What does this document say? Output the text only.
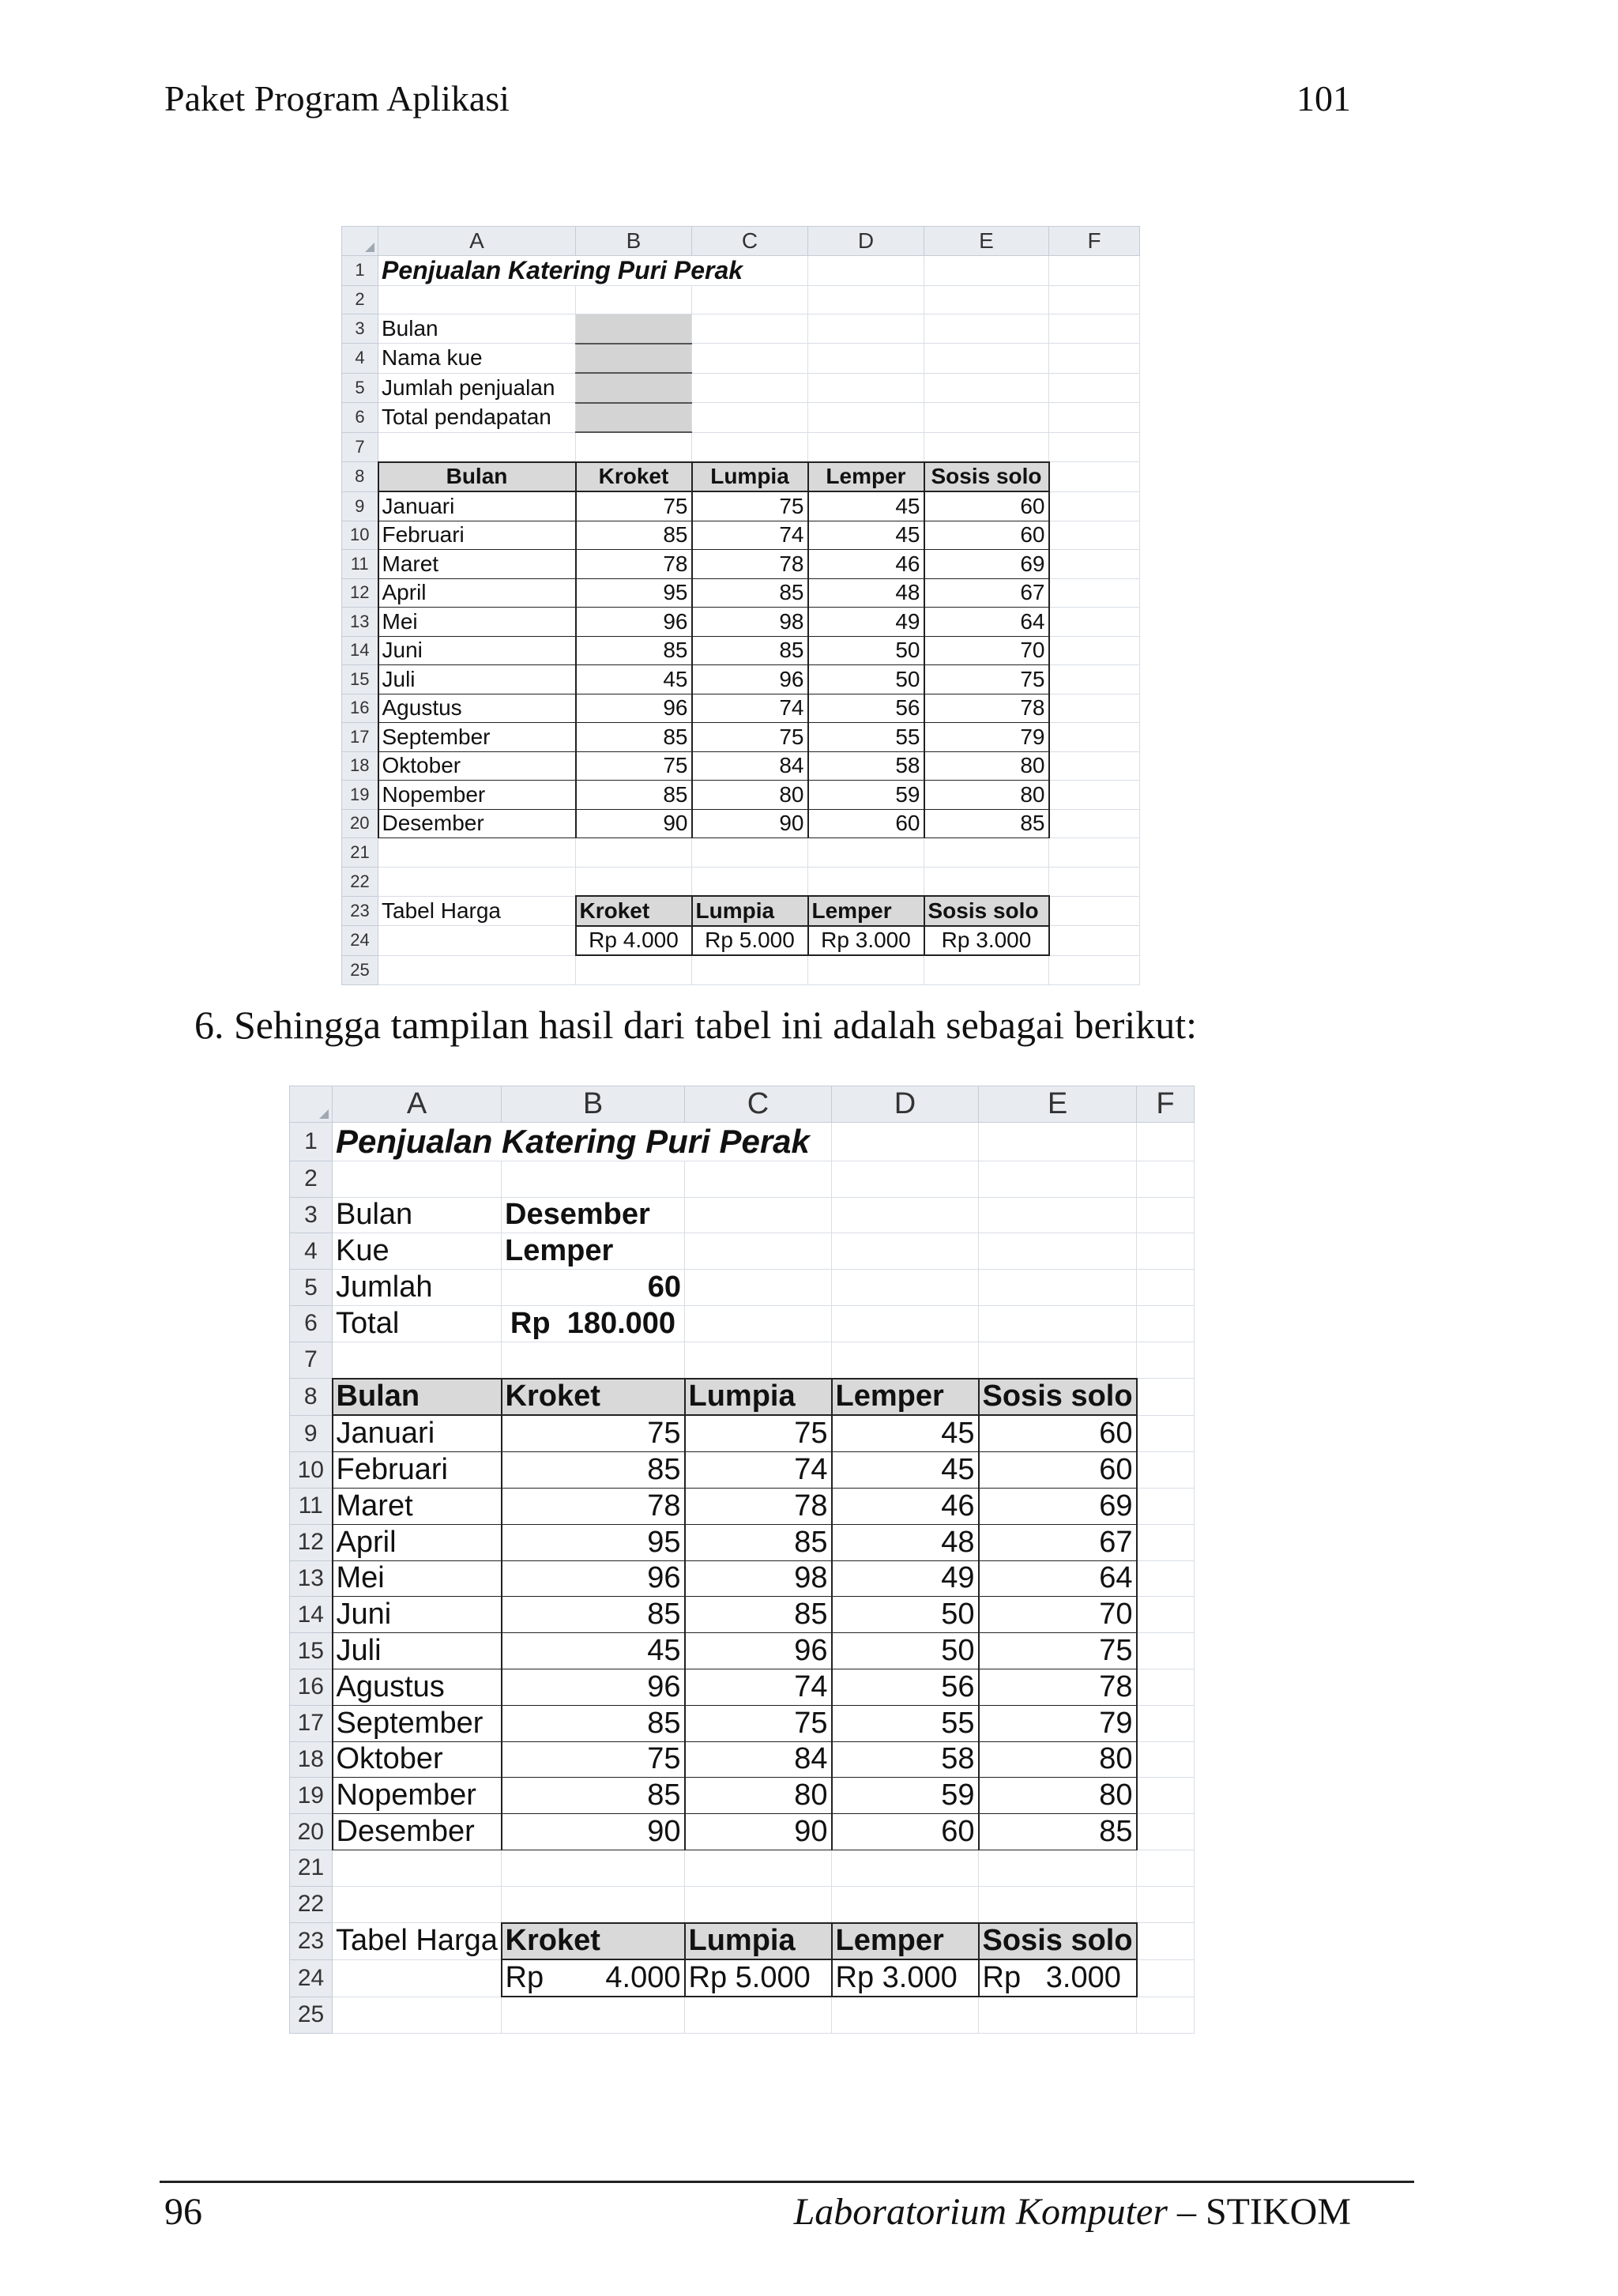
Paket Program Aplikasi	101
	A	B	C	D	E	F
1	Penjualan Katering Puri Perak					
2						
3	Bulan					
4	Nama kue					
5	Jumlah penjualan					
6	Total pendapatan					
7						
8	Bulan	Kroket	Lumpia	Lemper	Sosis solo	
9	Januari	75	75	45	60	
10	Februari	85	74	45	60	
11	Maret	78	78	46	69	
12	April	95	85	48	67	
13	Mei	96	98	49	64	
14	Juni	85	85	50	70	
15	Juli	45	96	50	75	
16	Agustus	96	74	56	78	
17	September	85	75	55	79	
18	Oktober	75	84	58	80	
19	Nopember	85	80	59	80	
20	Desember	90	90	60	85	
21						
22						
23	Tabel Harga	Kroket	Lumpia	Lemper	Sosis solo	
24		Rp 4.000	Rp 5.000	Rp 3.000	Rp 3.000	
25						
6. Sehingga tampilan hasil dari tabel ini adalah sebagai berikut:
	A	B	C	D	E	F
1	Penjualan Katering Puri Perak					
2						
3	Bulan	Desember				
4	Kue	Lemper				
5	Jumlah	60				
6	Total	Rp  180.000				
7						
8	Bulan	Kroket	Lumpia	Lemper	Sosis solo	
9	Januari	75	75	45	60	
10	Februari	85	74	45	60	
11	Maret	78	78	46	69	
12	April	95	85	48	67	
13	Mei	96	98	49	64	
14	Juni	85	85	50	70	
15	Juli	45	96	50	75	
16	Agustus	96	74	56	78	
17	September	85	75	55	79	
18	Oktober	75	84	58	80	
19	Nopember	85	80	59	80	
20	Desember	90	90	60	85	
21						
22						
23	Tabel Harga	Kroket	Lumpia	Lemper	Sosis solo	
24		Rp 4.000	Rp 5.000	Rp 3.000	Rp 3.000	
25						
96	Laboratorium Komputer – STIKOM
